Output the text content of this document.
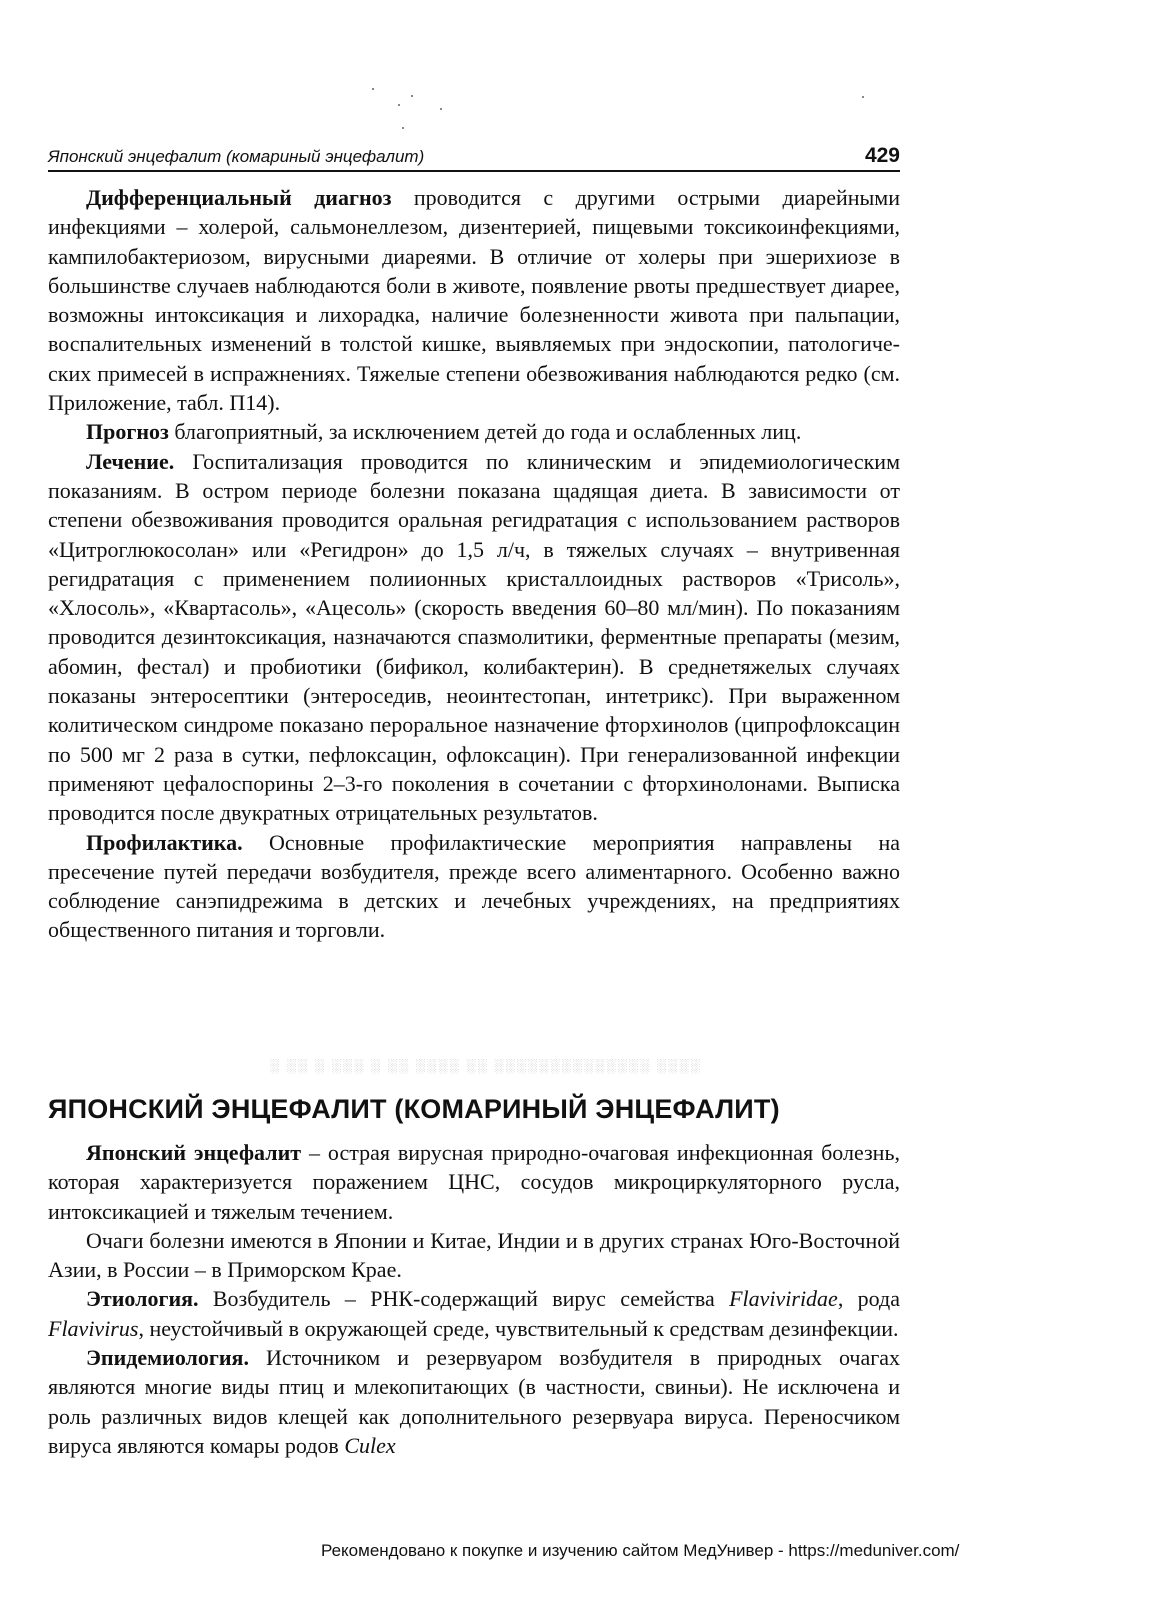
Японский энцефалит (комариный энцефалит)	429

Дифференциальный диагноз проводится с другими острыми диарейными инфекциями – холерой, сальмонеллезом, дизентерией, пищевыми токсикоинфекциями, кампилобактериозом, вирусными диареями. В отличие от холеры при эшерихиозе в большинстве случаев наблюдаются боли в животе, появление рвоты предшествует диарее, возможны интоксикация и лихорадка, наличие болезненности живота при пальпации, воспалительных изменений в толстой кишке, выявляемых при эндоскопии, патологических примесей в испражнениях. Тяжелые степени обезвоживания наблюдаются редко (см. Приложение, табл. П14).

Прогноз благоприятный, за исключением детей до года и ослабленных лиц.

Лечение. Госпитализация проводится по клиническим и эпидемиологическим показаниям. В остром периоде болезни показана щадящая диета. В зависимости от степени обезвоживания проводится оральная регидратация с использованием растворов «Цитроглюкосолан» или «Регидрон» до 1,5 л/ч, в тяжелых случаях – внутривенная регидратация с применением полиионных кристаллоидных растворов «Трисоль», «Хлосоль», «Квартасоль», «Ацесоль» (скорость введения 60–80 мл/мин). По показаниям проводится дезинтоксикация, назначаются спазмолитики, ферментные препараты (мезим, абомин, фестал) и пробиотики (бификол, колибактерин). В среднетяжелых случаях показаны энтеросептики (энтероседив, неоинтестопан, интетрикс). При выраженном колитическом синдроме показано пероральное назначение фторхинолов (ципрофлоксацин по 500 мг 2 раза в сутки, пефлоксацин, офлоксацин). При генерализованной инфекции применяют цефалоспорины 2–3-го поколения в сочетании с фторхинолонами. Выписка проводится после двукратных отрицательных результатов.

Профилактика. Основные профилактические мероприятия направлены на пресечение путей передачи возбудителя, прежде всего алиментарного. Особенно важно соблюдение санэпидрежима в детских и лечебных учреждениях, на предприятиях общественного питания и торговли.

ЯПОНСКИЙ ЭНЦЕФАЛИТ (КОМАРИНЫЙ ЭНЦЕФАЛИТ)

Японский энцефалит – острая вирусная природно-очаговая инфекционная болезнь, которая характеризуется поражением ЦНС, сосудов микроциркуляторного русла, интоксикацией и тяжелым течением.

Очаги болезни имеются в Японии и Китае, Индии и в других странах Юго-Восточной Азии, в России – в Приморском Крае.

Этиология. Возбудитель – РНК-содержащий вирус семейства Flaviviridae, рода Flavivirus, неустойчивый в окружающей среде, чувствительный к средствам дезинфекции.

Эпидемиология. Источником и резервуаром возбудителя в природных очагах являются многие виды птиц и млекопитающих (в частности, свиньи). Не исключена и роль различных видов клещей как дополнительного резервуара вируса. Переносчиком вируса являются комары родов Culex

░ ░░ ░ ░░░ ░ ░░ ░░░░ ░░ ░░░░░░░░░░░░░░ ░░░░
Рекомендовано к покупке и изучению сайтом МедУнивер - https://meduniver.com/
